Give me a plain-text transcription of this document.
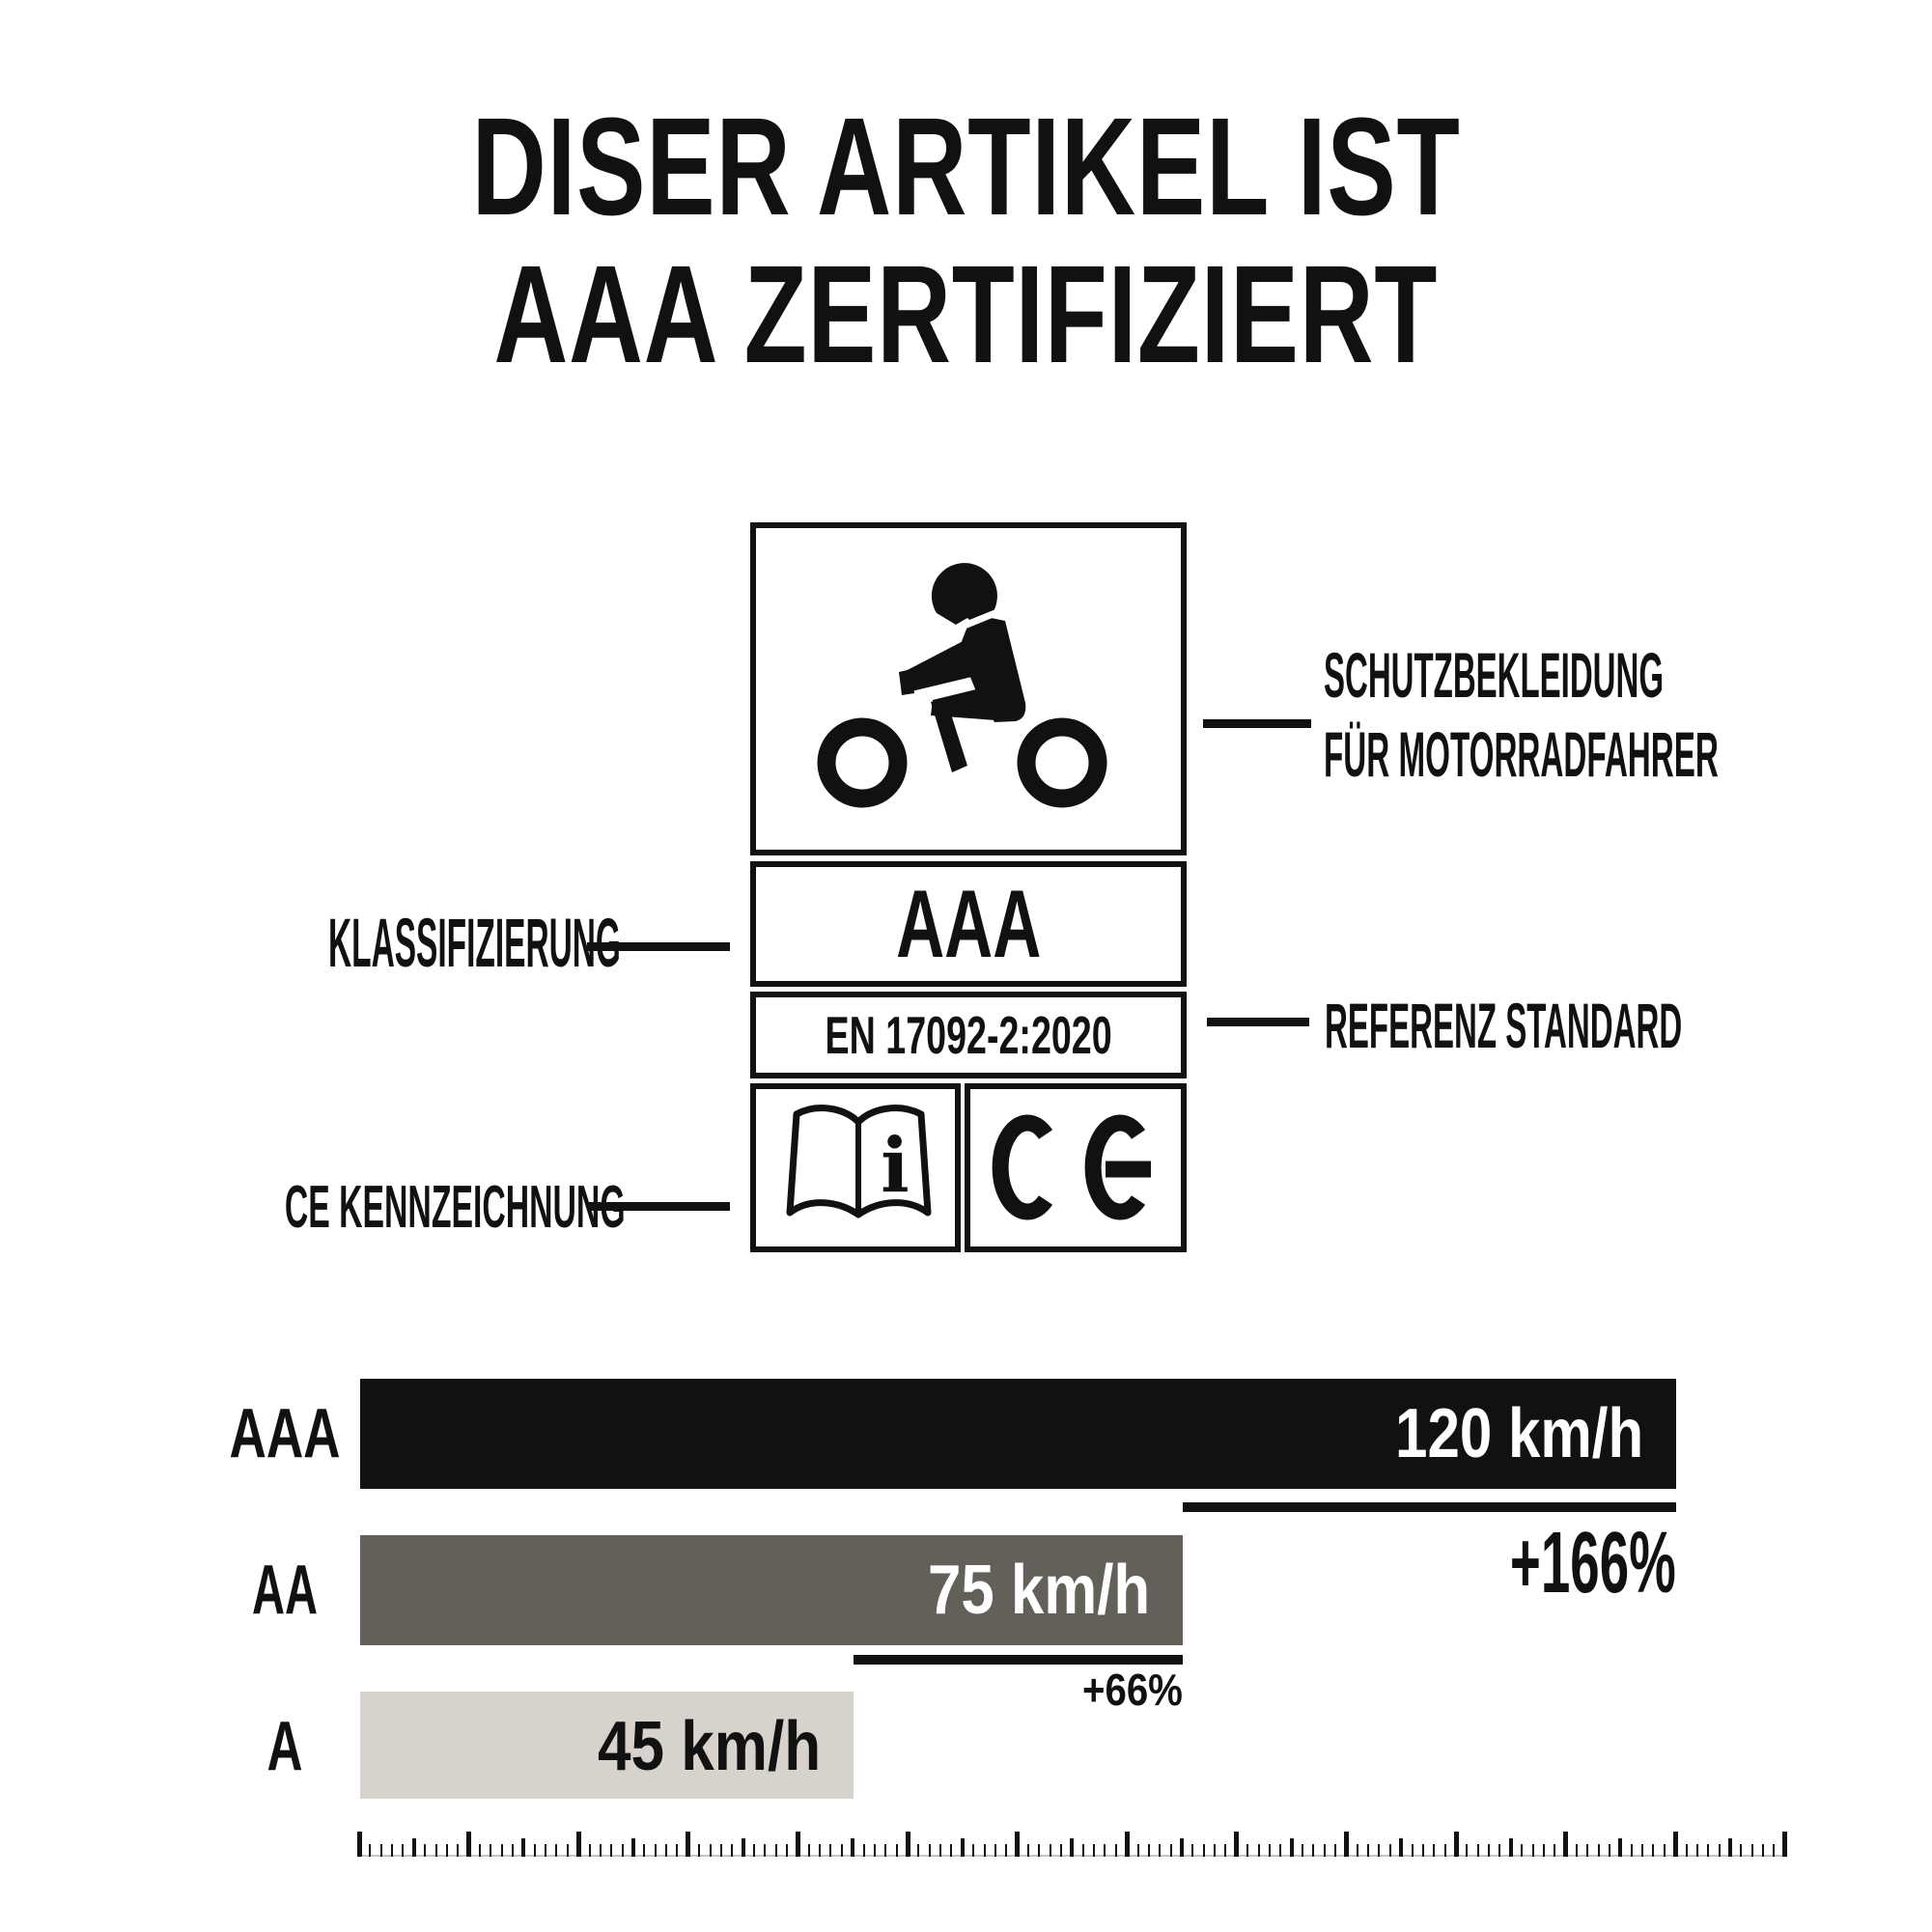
DISER ARTIKEL IST
AAA ZERTIFIZIERT
AAA
EN 17092-2:2020
i
SCHUTZBEKLEIDUNG
FÜR MOTORRADFAHRER
KLASSIFIZIERUNG
REFERENZ STANDARD
CE KENNZEICHNUNG
AAA	120 km/h
AA	75 km/h
A	45 km/h
+166%
+66%
